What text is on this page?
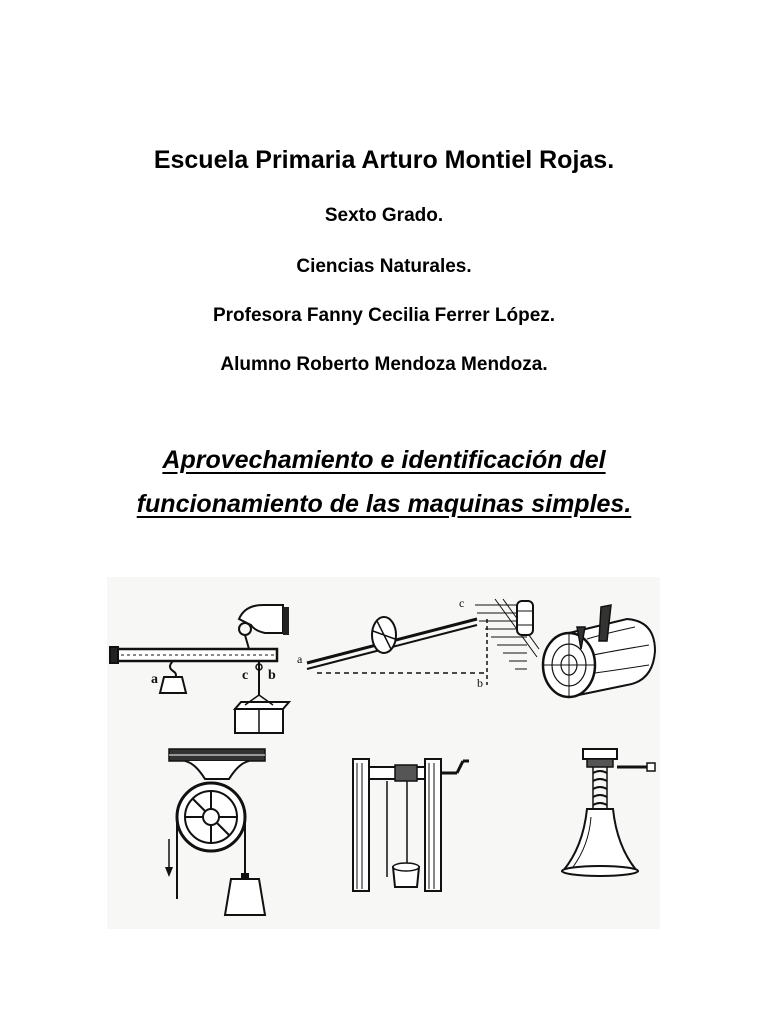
Escuela Primaria Arturo Montiel Rojas.
Sexto Grado.
Ciencias Naturales.
Profesora Fanny Cecilia Ferrer López.
Alumno Roberto Mendoza Mendoza.
Aprovechamiento e identificación del
funcionamiento de las maquinas simples.
a	c b
a
c
b
